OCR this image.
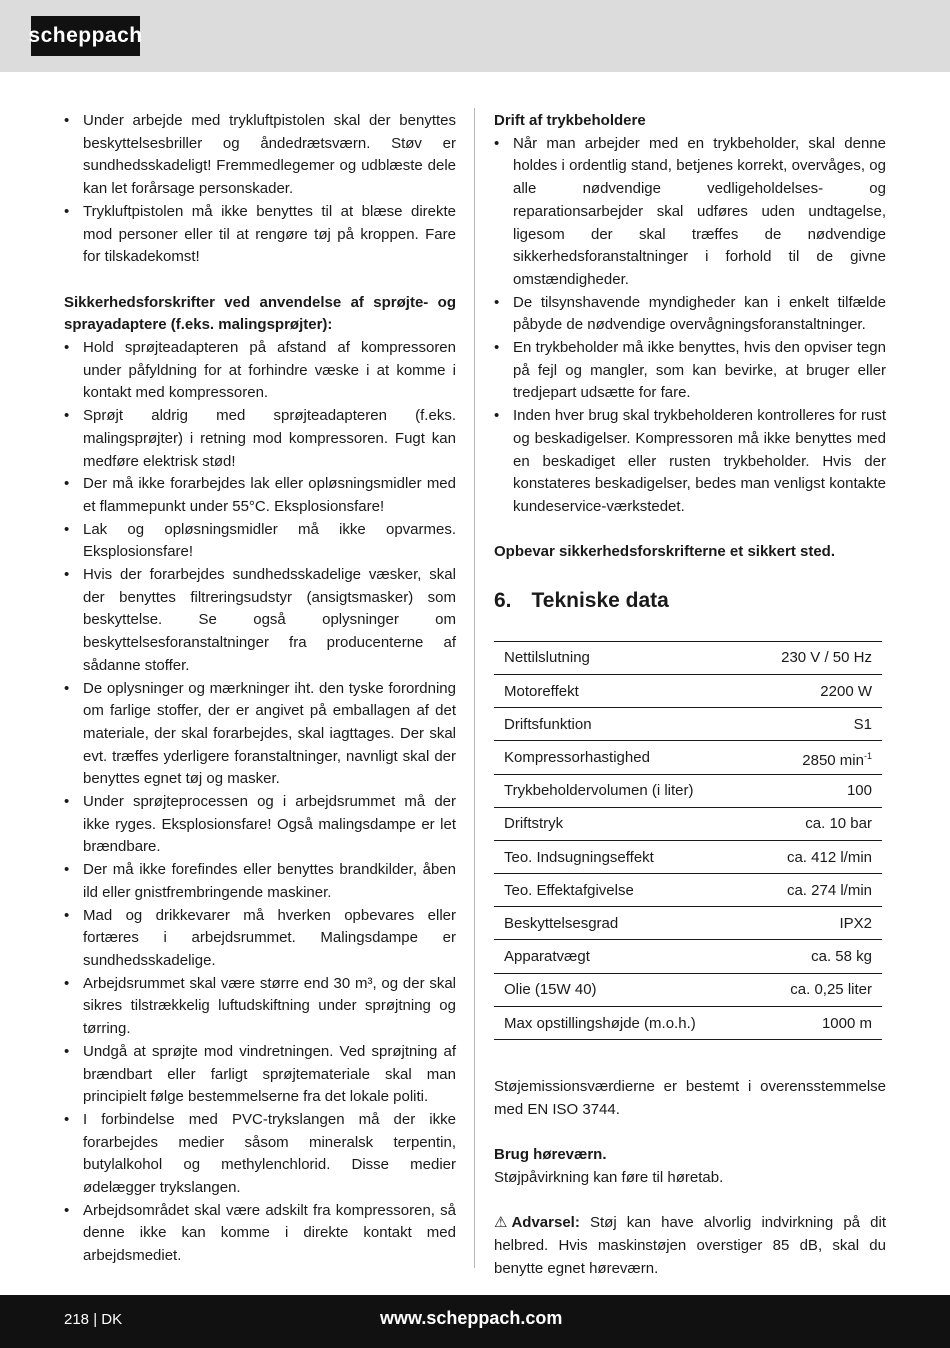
scheppach
• Under arbejde med trykluftpistolen skal der benyttes beskyttelsesbriller og åndedrætsværn. Støv er sundhedsskadeligt! Fremmedlegemer og udblæste dele kan let forårsage personskader.
• Trykluftpistolen må ikke benyttes til at blæse direkte mod personer eller til at rengøre tøj på kroppen. Fare for tilskadekomst!

Sikkerhedsforskrifter ved anvendelse af sprøjte- og sprayadaptere (f.eks. malingsprøjter):

• Hold sprøjteadapteren på afstand af kompressoren under påfyldning for at forhindre væske i at komme i kontakt med kompressoren.
• Sprøjt aldrig med sprøjteadapteren (f.eks. malingsprøjter) i retning mod kompressoren. Fugt kan medføre elektrisk stød!
• Der må ikke forarbejdes lak eller opløsningsmidler med et flammepunkt under 55°C. Eksplosionsfare!
• Lak og opløsningsmidler må ikke opvarmes. Eksplosionsfare!
• Hvis der forarbejdes sundhedsskadelige væsker, skal der benyttes filtreringsudstyr (ansigtsmasker) som beskyttelse. Se også oplysninger om beskyttelsesforanstaltninger fra producenterne af sådanne stoffer.
• De oplysninger og mærkninger iht. den tyske forordning om farlige stoffer, der er angivet på emballagen af det materiale, der skal forarbejdes, skal iagttages. Der skal evt. træffes yderligere foranstaltninger, navnligt skal der benyttes egnet tøj og masker.
• Under sprøjteprocessen og i arbejdsrummet må der ikke ryges. Eksplosionsfare! Også malingsdampe er let brændbare.
• Der må ikke forefindes eller benyttes brandkilder, åben ild eller gnistfrembringende maskiner.
• Mad og drikkevarer må hverken opbevares eller fortæres i arbejdsrummet. Malingsdampe er sundhedsskadelige.
• Arbejdsrummet skal være større end 30 m³, og der skal sikres tilstrækkelig luftudskiftning under sprøjtning og tørring.
• Undgå at sprøjte mod vindretningen. Ved sprøjtning af brændbart eller farligt sprøjtemateriale skal man principielt følge bestemmelserne fra det lokale politi.
• I forbindelse med PVC-trykslangen må der ikke forarbejdes medier såsom mineralsk terpentin, butylalkohol og methylenchlorid. Disse medier ødelægger trykslangen.
• Arbejdsområdet skal være adskilt fra kompressoren, så denne ikke kan komme i direkte kontakt med arbejdsmediet.

Drift af trykbeholdere

• Når man arbejder med en trykbeholder, skal denne holdes i ordentlig stand, betjenes korrekt, overvåges, og alle nødvendige vedligeholdelses- og reparationsarbejder skal udføres uden undtagelse, ligesom der skal træffes de nødvendige sikkerhedsforanstaltninger i forhold til de givne omstændigheder.
• De tilsynshavende myndigheder kan i enkelt tilfælde påbyde de nødvendige overvågningsforanstaltninger.
• En trykbeholder må ikke benyttes, hvis den opviser tegn på fejl og mangler, som kan bevirke, at bruger eller tredjepart udsætte for fare.
• Inden hver brug skal trykbeholderen kontrolleres for rust og beskadigelser. Kompressoren må ikke benyttes med en beskadiget eller rusten trykbeholder. Hvis der konstateres beskadigelser, bedes man venligst kontakte kundeservice-værkstedet.

Opbevar sikkerhedsforskrifterne et sikkert sted.

6. Tekniske data
Nettilslutning	230 V / 50 Hz
Motoreffekt	2200 W
Driftsfunktion	S1
Kompressorhastighed	2850 $\min^{-1}$
Trykbeholdervolumen (i liter)	100
Driftstryk	ca. 10 bar
Teo. Indsugningseffekt	ca. 412 l/min
Teo. Effektafgivelse	ca. 274 l/min
Beskyttelsesgrad	IPX2
Apparatvægt	ca. 58 kg
Olie (15W 40)	ca. 0,25 liter
Max opstillingshøjde (m.o.h.)	1000 m

Støjemissionsværdierne er bestemt i overensstemmelse med EN ISO 3744.

Brug høreværn.

Støjpåvirkning kan føre til høretab.

⚠ Advarsel: Støj kan have alvorlig indvirkning på dit helbred. Hvis maskinstøjen overstiger 85 dB, skal du benytte egnet høreværn.

218 | DK	www.scheppach.com
